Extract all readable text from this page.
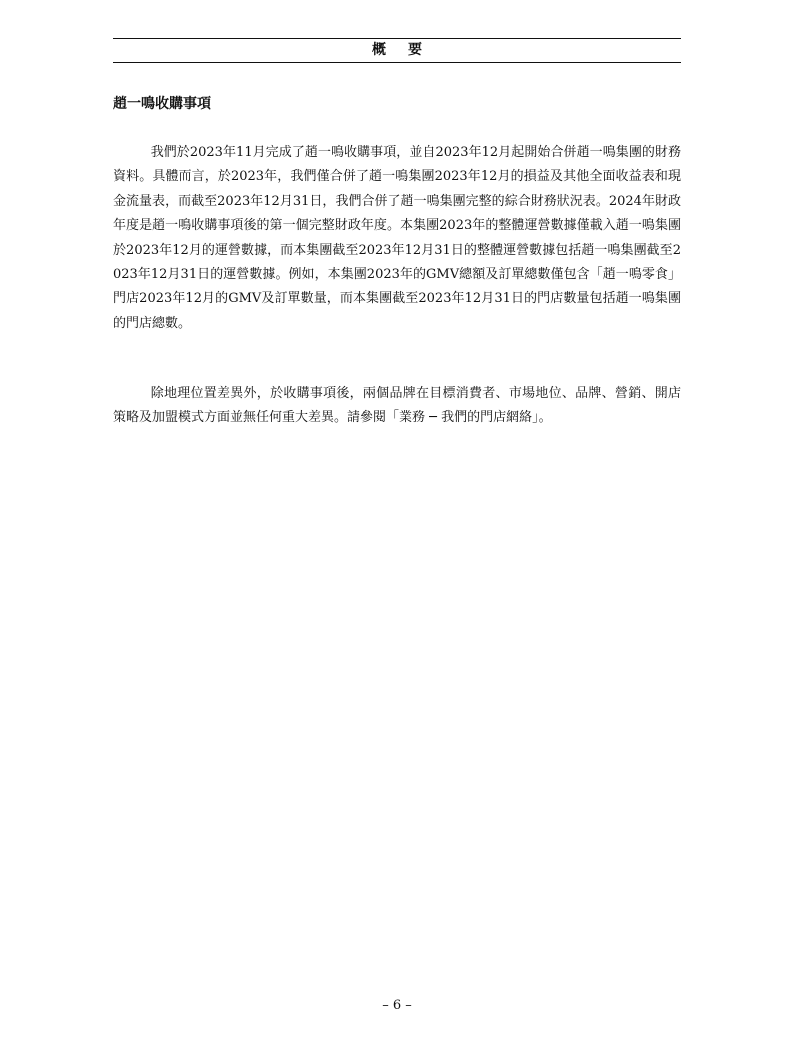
概要
趙一鳴收購事項

我們於2023年11月完成了趙一鳴收購事項，並自2023年12月起開始合併趙一鳴集團的財務資料。具體而言，於2023年，我們僅合併了趙一鳴集團2023年12月的損益及其他全面收益表和現金流量表，而截至2023年12月31日，我們合併了趙一鳴集團完整的綜合財務狀況表。2024年財政年度是趙一鳴收購事項後的第一個完整財政年度。本集團2023年的整體運營數據僅載入趙一鳴集團於2023年12月的運營數據，而本集團截至2023年12月31日的整體運營數據包括趙一鳴集團截至2023年12月31日的運營數據。例如，本集團2023年的GMV總額及訂單總數僅包含「趙一鳴零食」門店2023年12月的GMV及訂單數量，而本集團截至2023年12月31日的門店數量包括趙一鳴集團的門店總數。

除地理位置差異外，於收購事項後，兩個品牌在目標消費者、市場地位、品牌、營銷、開店策略及加盟模式方面並無任何重大差異。請參閱「業務 ─ 我們的門店網絡」。

– 6 –
